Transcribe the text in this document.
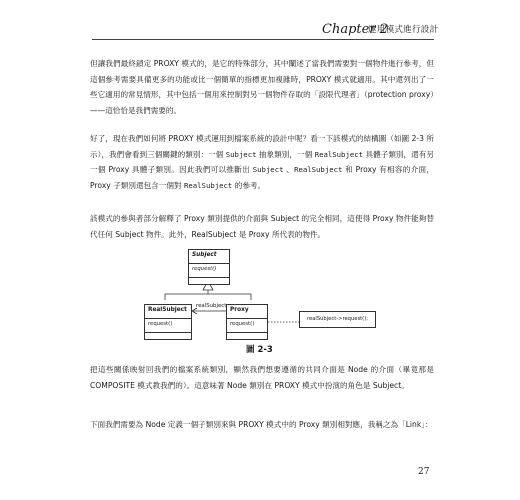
Chapter 2
運用模式進行設計

但讓我們最終鎖定 PROXY 模式的，是它的特殊部分，其中闡述了當我們需要對一個物件進行參考，但這個參考需要具備更多的功能或比一個簡單的指標更加複雜時，PROXY 模式就適用。其中還列出了一些它適用的常見情形，其中包括一個用來控制對另一個物件存取的「設限代理者」（protection proxy）——這恰恰是我們需要的。

好了，現在我們如何將 PROXY 模式運用到檔案系統的設計中呢？看一下該模式的結構圖（如圖 2-3 所示），我們會看到三個關鍵的類別：一個 Subject 抽象類別，一個 RealSubject 具體子類別，還有另一個 Proxy 具體子類別。因此我們可以推斷出 Subject 、RealSubject 和 Proxy 有相容的介面，Proxy 子類別還包含一個對 RealSubject 的參考。

該模式的參與者部分解釋了 Proxy 類別提供的介面與 Subject 的完全相同，這使得 Proxy 物件能夠替代任何 Subject 物件。此外，RealSubject 是 Proxy 所代表的物件。

Subject
request()
RealSubject
request()
Proxy
request()
realSubject
realSubject->request();
圖 2-3

把這些關係映射回我們的檔案系統類別，顯然我們想要遵循的共同介面是 Node 的介面（畢竟那是 COMPOSITE 模式教我們的）。這意味著 Node 類別在 PROXY 模式中扮演的角色是 Subject。

下面我們需要為 Node 定義一個子類別來與 PROXY 模式中的 Proxy 類別相對應，我稱之為「Link」：

27
